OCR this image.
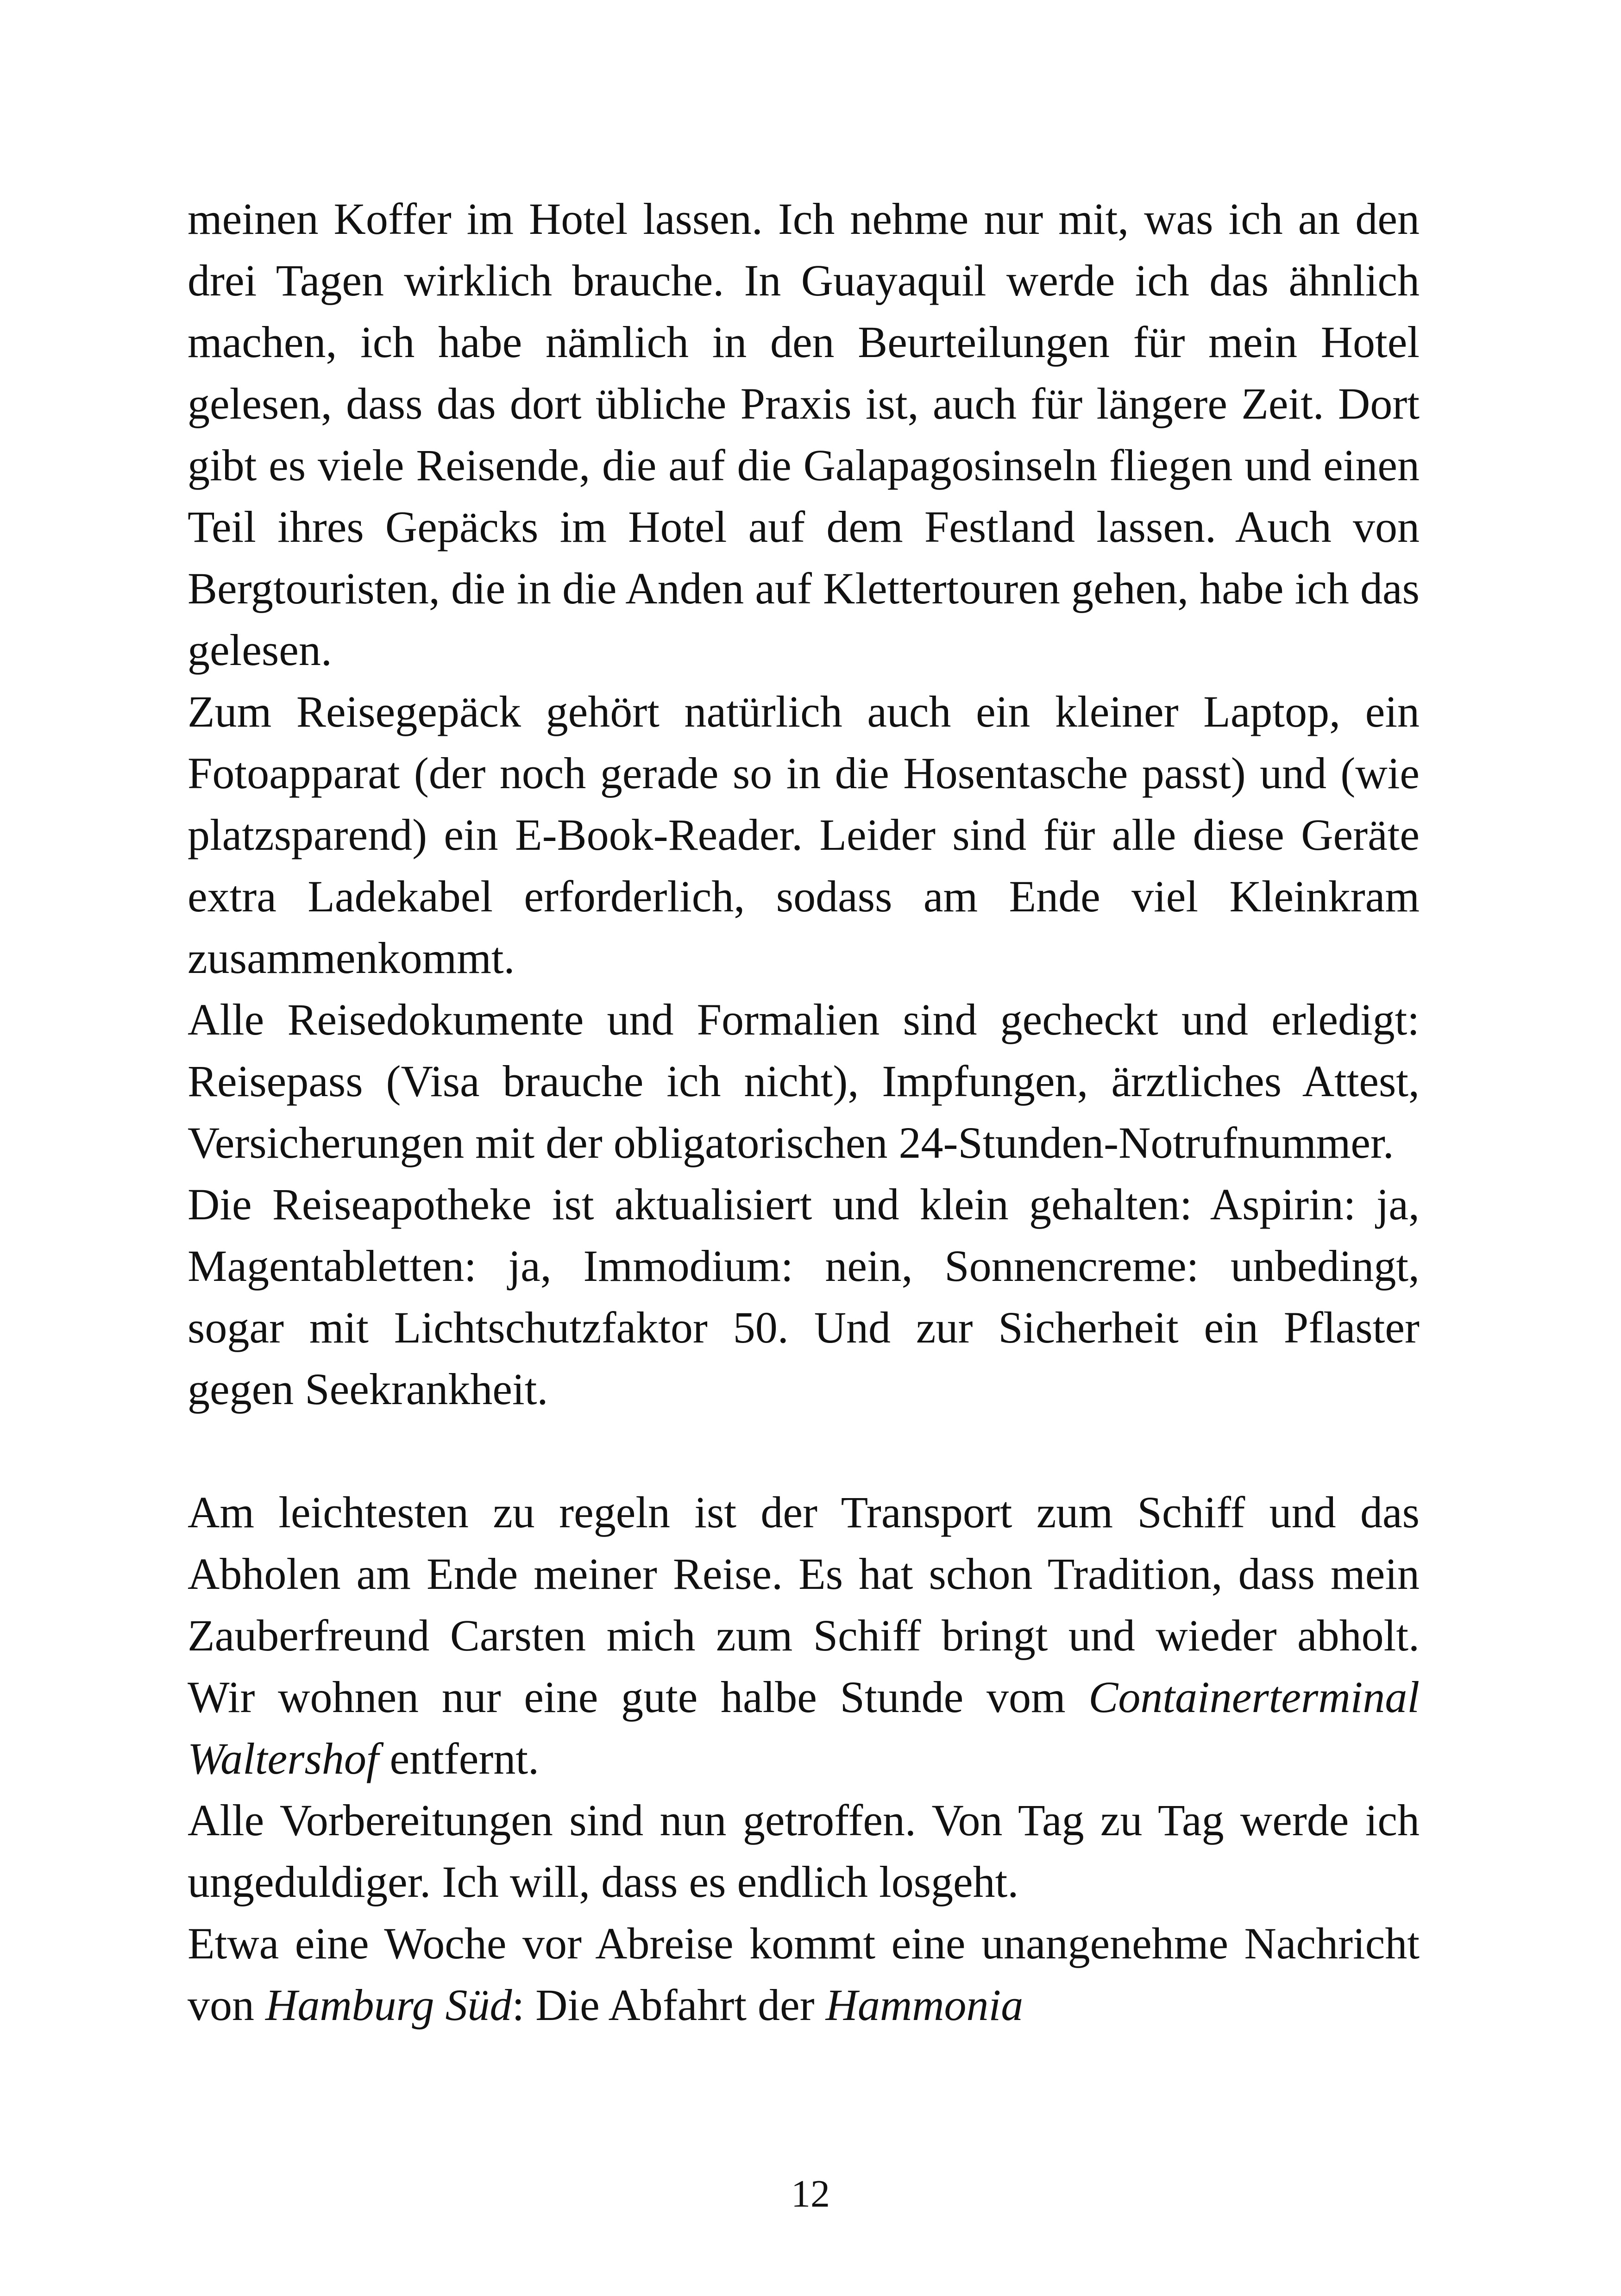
meinen Koffer im Hotel lassen. Ich nehme nur mit, was ich an den drei Tagen wirklich brauche. In Guayaquil werde ich das ähnlich machen, ich habe nämlich in den Beurteilungen für mein Hotel gelesen, dass das dort übliche Praxis ist, auch für längere Zeit. Dort gibt es viele Reisende, die auf die Galapagosinseln fliegen und einen Teil ihres Gepäcks im Hotel auf dem Festland lassen. Auch von Bergtouristen, die in die Anden auf Klettertouren gehen, habe ich das gelesen.

Zum Reisegepäck gehört natürlich auch ein kleiner Laptop, ein Fotoapparat (der noch gerade so in die Hosentasche passt) und (wie platzsparend) ein E-Book-Reader. Leider sind für alle diese Geräte extra Ladekabel erforderlich, sodass am Ende viel Kleinkram zusammenkommt.

Alle Reisedokumente und Formalien sind gecheckt und erledigt: Reisepass (Visa brauche ich nicht), Impfungen, ärztliches Attest, Versicherungen mit der obligatorischen 24-Stunden-Notrufnummer.

Die Reiseapotheke ist aktualisiert und klein gehalten: Aspirin: ja, Magentabletten: ja, Immodium: nein, Sonnencreme: unbedingt, sogar mit Lichtschutzfaktor 50. Und zur Sicherheit ein Pflaster gegen Seekrankheit.

Am leichtesten zu regeln ist der Transport zum Schiff und das Abholen am Ende meiner Reise. Es hat schon Tradition, dass mein Zauberfreund Carsten mich zum Schiff bringt und wieder abholt. Wir wohnen nur eine gute halbe Stunde vom Containerterminal Waltershof entfernt.

Alle Vorbereitungen sind nun getroffen. Von Tag zu Tag werde ich ungeduldiger. Ich will, dass es endlich losgeht.

Etwa eine Woche vor Abreise kommt eine unangenehme Nachricht von Hamburg Süd: Die Abfahrt der Hammonia

12
